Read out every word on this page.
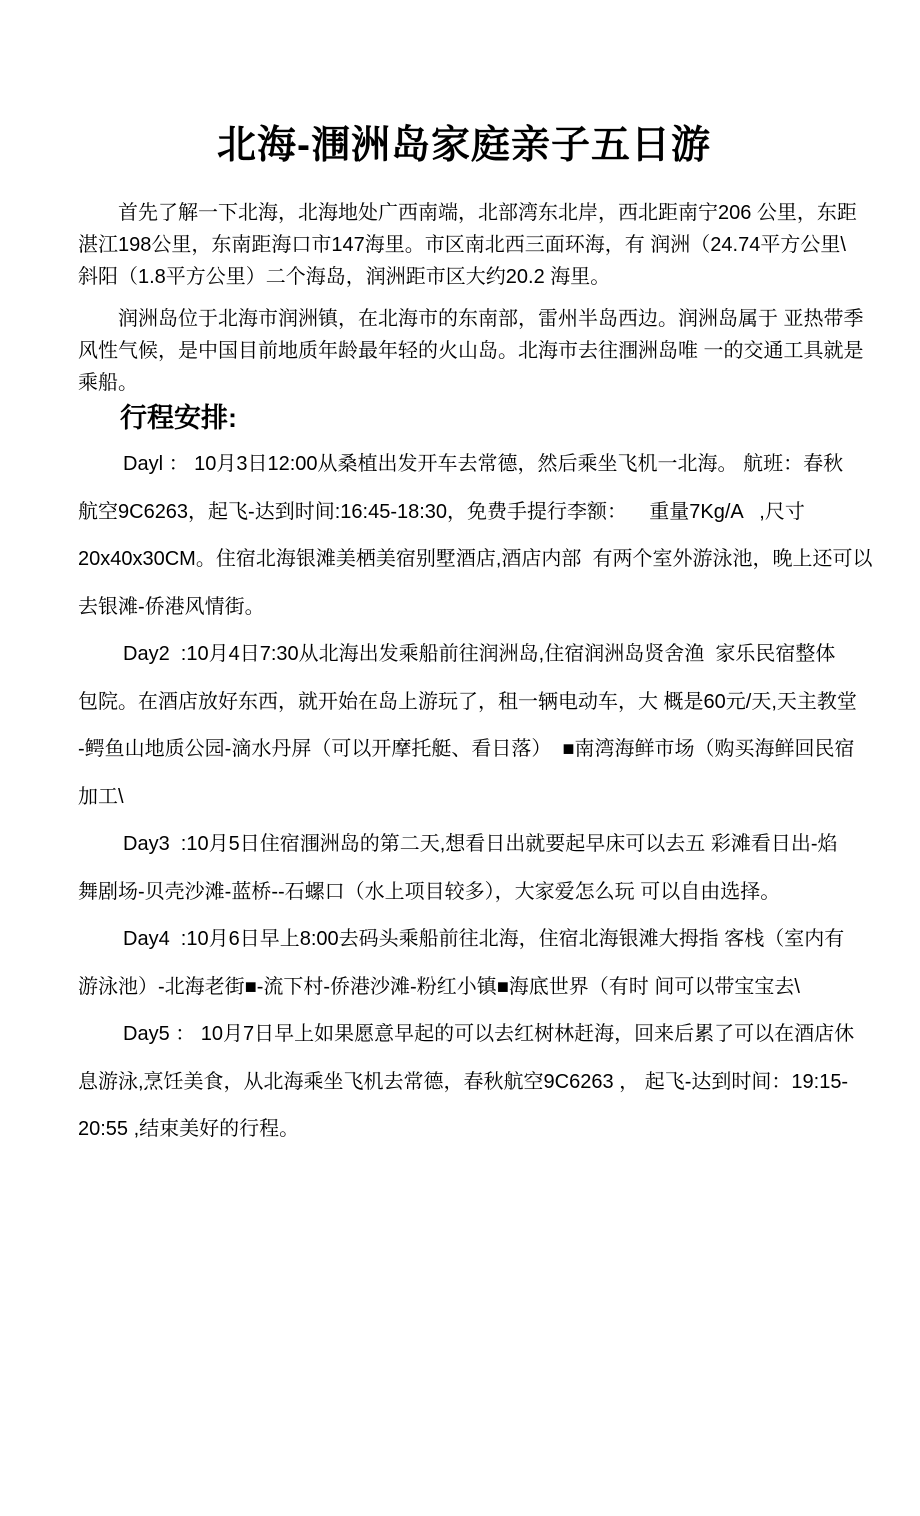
北海-涠洲岛家庭亲子五日游
首先了解一下北海，北海地处广西南端，北部湾东北岸，西北距南宁206 公里，东距
湛江198公里，东南距海口市147海里。市区南北西三面环海，有 润洲（24.74平方公里\
斜阳（1.8平方公里）二个海岛，润洲距市区大约20.2 海里。
润洲岛位于北海市润洲镇，在北海市的东南部，雷州半岛西边。润洲岛属于 亚热带季
风性气候，是中国目前地质年龄最年轻的火山岛。北海市去往涠洲岛唯 一的交通工具就是
乘船。
行程安排:
Dayl ： 10月3日12:00从桑植出发开车去常德，然后乘坐飞机一北海。 航班：春秋
航空9C6263，起飞-达到时间:16:45-18:30，免费手提行李额：    重量7Kg/A   ,尺寸
20x40x30CM。住宿北海银滩美栖美宿别墅酒店,酒店内部  有两个室外游泳池，晚上还可以
去银滩-侨港风情街。
Day2  :10月4日7:30从北海出发乘船前往润洲岛,住宿润洲岛贤舍渔  家乐民宿整体
包院。在酒店放好东西，就开始在岛上游玩了，租一辆电动车，大 概是60元/天,天主教堂
-鳄鱼山地质公园-滴水丹屏（可以开摩托艇、看日落）  ■南湾海鲜市场（购买海鲜回民宿
加工\
Day3  :10月5日住宿涠洲岛的第二天,想看日出就要起早床可以去五 彩滩看日出-焰
舞剧场-贝壳沙滩-蓝桥--石螺口（水上项目较多），大家爱怎么玩 可以自由选择。
Day4  :10月6日早上8:00去码头乘船前往北海，住宿北海银滩大拇指 客栈（室内有
游泳池）-北海老街■-流下村-侨港沙滩-粉红小镇■海底世界（有时 间可以带宝宝去\
Day5 ： 10月7日早上如果愿意早起的可以去红树林赶海，回来后累了可以在酒店休
息游泳,烹饪美食，从北海乘坐飞机去常德，春秋航空9C6263 ， 起飞-达到时间：19:15-
20:55 ,结束美好的行程。
